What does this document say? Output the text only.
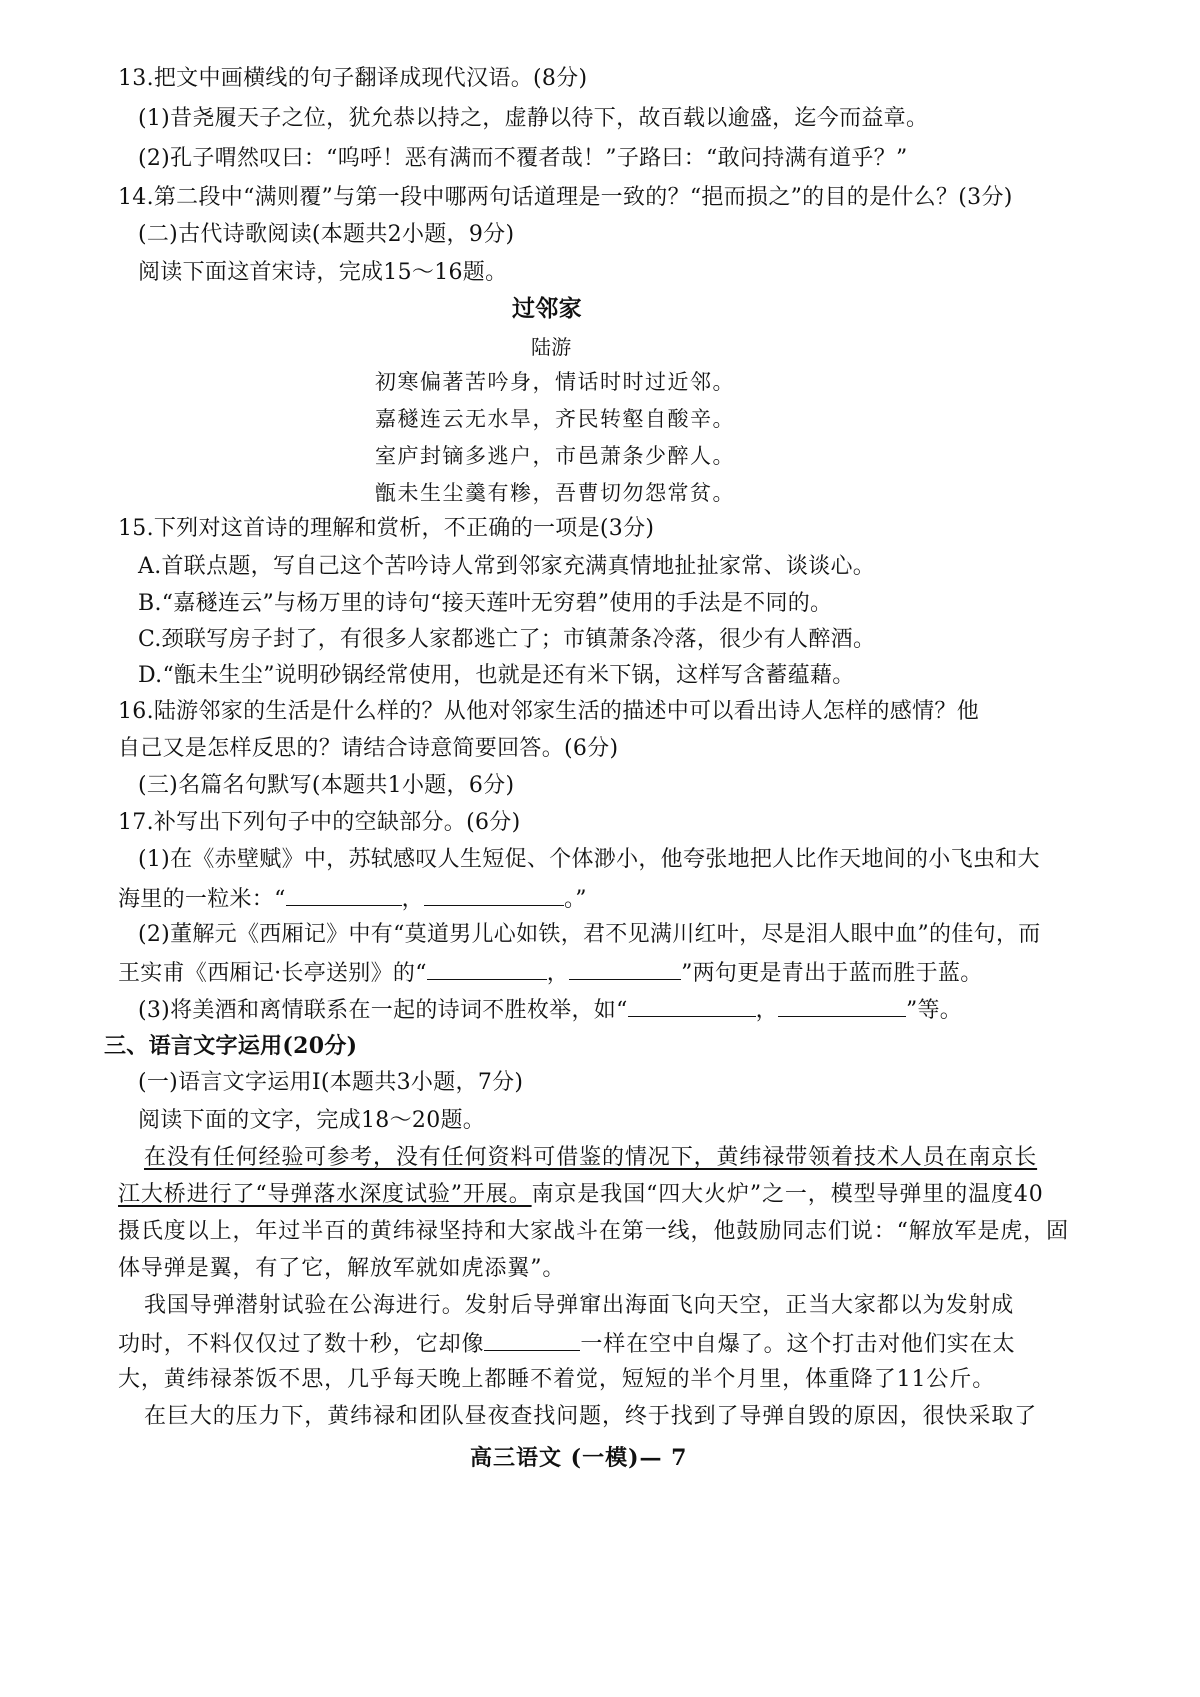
13.把文中画横线的句子翻译成现代汉语。(8分)
(1)昔尧履天子之位，犹允恭以持之，虚静以待下，故百载以逾盛，迄今而益章。
(2)孔子喟然叹曰：“呜呼！恶有满而不覆者哉！”子路曰：“敢问持满有道乎？”
14.第二段中“满则覆”与第一段中哪两句话道理是一致的？“挹而损之”的目的是什么？(3分)
(二)古代诗歌阅读(本题共2小题，9分)
阅读下面这首宋诗，完成15～16题。
过邻家
陆游
初寒偏著苦吟身，情话时时过近邻。
嘉穟连云无水旱，齐民转壑自酸辛。
室庐封镝多逃户，市邑萧条少醉人。
甑未生尘羹有糁，吾曹切勿怨常贫。
15.下列对这首诗的理解和赏析，不正确的一项是(3分)
A.首联点题，写自己这个苦吟诗人常到邻家充满真情地扯扯家常、谈谈心。
B.“嘉穟连云”与杨万里的诗句“接天莲叶无穷碧”使用的手法是不同的。
C.颈联写房子封了，有很多人家都逃亡了；市镇萧条冷落，很少有人醉酒。
D.“甑未生尘”说明砂锅经常使用，也就是还有米下锅，这样写含蓄蕴藉。
16.陆游邻家的生活是什么样的？从他对邻家生活的描述中可以看出诗人怎样的感情？他
自己又是怎样反思的？请结合诗意简要回答。(6分)
(三)名篇名句默写(本题共1小题，6分)
17.补写出下列句子中的空缺部分。(6分)
(1)在《赤壁赋》中，苏轼感叹人生短促、个体渺小，他夸张地把人比作天地间的小飞虫和大
海里的一粒米：“	，	。”
(2)董解元《西厢记》中有“莫道男儿心如铁，君不见满川红叶，尽是泪人眼中血”的佳句，而
王实甫《西厢记·长亭送别》的“	，	”两句更是青出于蓝而胜于蓝。
(3)将美酒和离情联系在一起的诗词不胜枚举，如“	，	”等。
三、语言文字运用(20分)
(一)语言文字运用Ⅰ(本题共3小题，7分)
阅读下面的文字，完成18～20题。
在没有任何经验可参考，没有任何资料可借鉴的情况下，黄纬禄带领着技术人员在南京长
江大桥进行了“导弹落水深度试验”开展。南京是我国“四大火炉”之一，模型导弹里的温度40
摄氏度以上，年过半百的黄纬禄坚持和大家战斗在第一线，他鼓励同志们说：“解放军是虎，固
体导弹是翼，有了它，解放军就如虎添翼”。
我国导弹潜射试验在公海进行。发射后导弹窜出海面飞向天空，正当大家都以为发射成
功时，不料仅仅过了数十秒，它却像	一样在空中自爆了。这个打击对他们实在太
大，黄纬禄茶饭不思，几乎每天晚上都睡不着觉，短短的半个月里，体重降了11公斤。
在巨大的压力下，黄纬禄和团队昼夜查找问题，终于找到了导弹自毁的原因，很快采取了
高三语文 (一模)— 7
